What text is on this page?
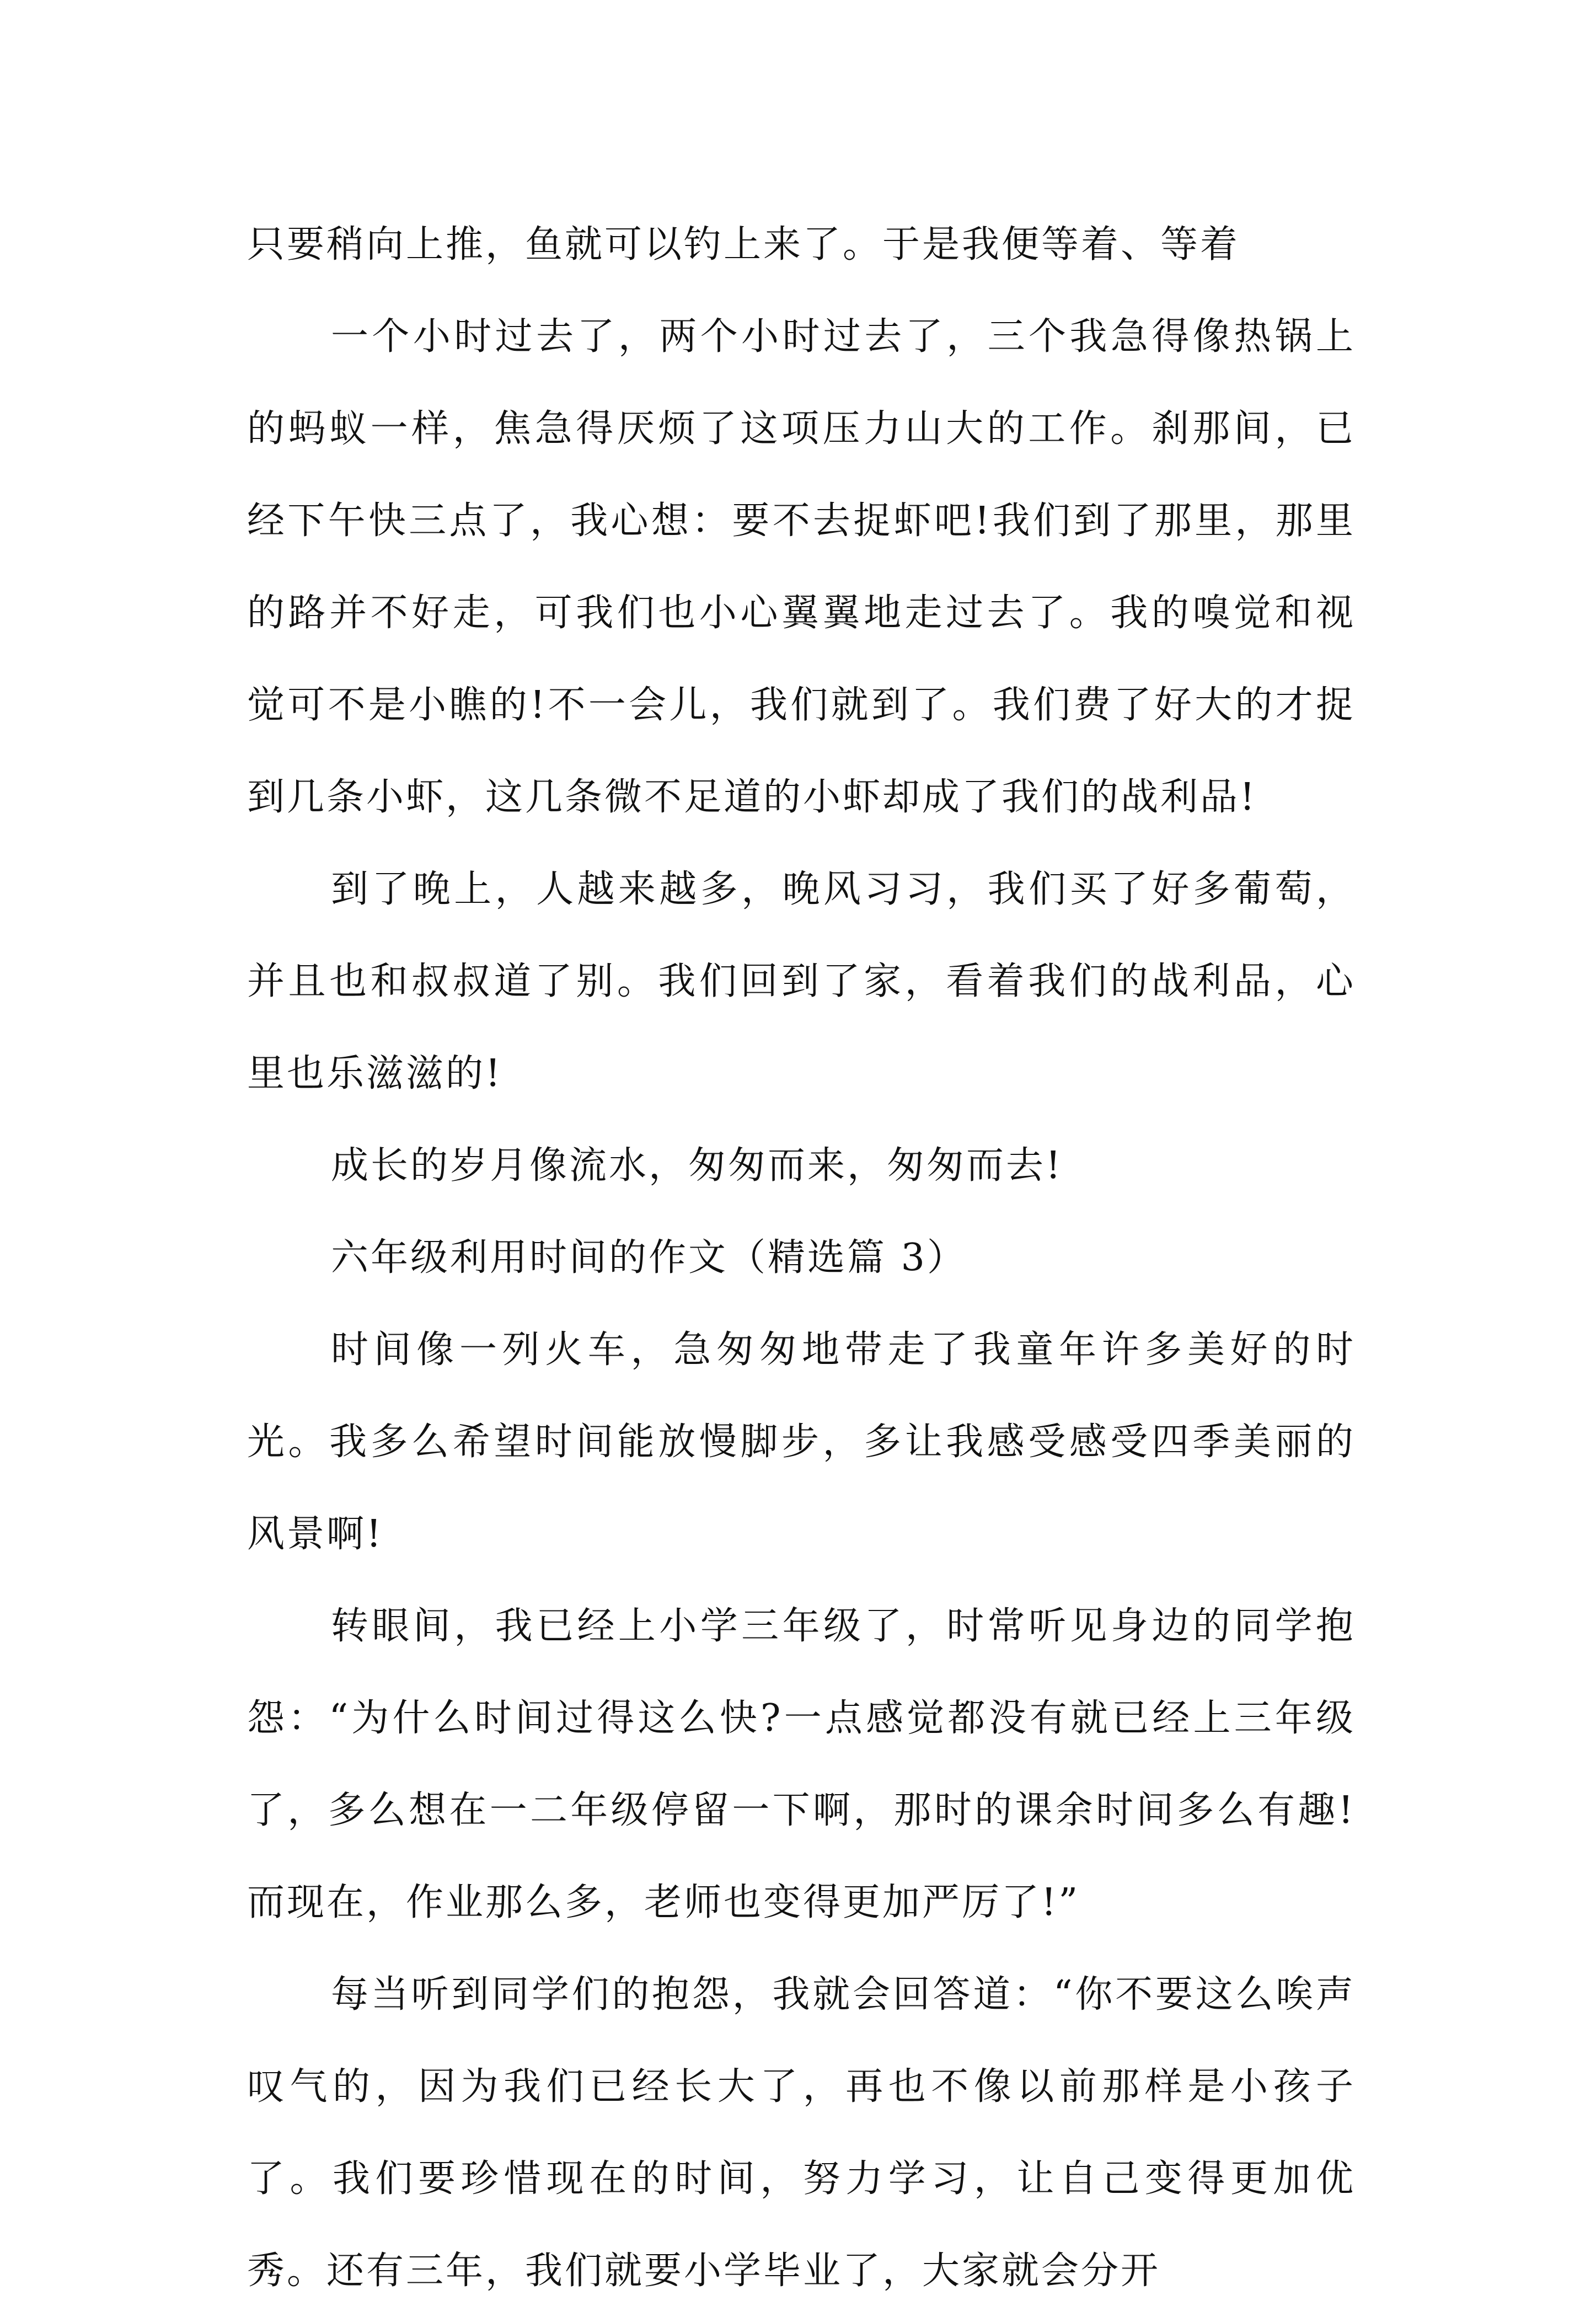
只要稍向上推，鱼就可以钓上来了。于是我便等着、等着

一个小时过去了，两个小时过去了，三个我急得像热锅上的蚂蚁一样，焦急得厌烦了这项压力山大的工作。刹那间，已经下午快三点了，我心想：要不去捉虾吧!我们到了那里，那里的路并不好走，可我们也小心翼翼地走过去了。我的嗅觉和视觉可不是小瞧的!不一会儿，我们就到了。我们费了好大的才捉到几条小虾，这几条微不足道的小虾却成了我们的战利品!

到了晚上，人越来越多，晚风习习，我们买了好多葡萄，并且也和叔叔道了别。我们回到了家，看着我们的战利品，心里也乐滋滋的!

成长的岁月像流水，匆匆而来，匆匆而去!

六年级利用时间的作文（精选篇 3）

时间像一列火车，急匆匆地带走了我童年许多美好的时光。我多么希望时间能放慢脚步，多让我感受感受四季美丽的风景啊!

转眼间，我已经上小学三年级了，时常听见身边的同学抱怨：“为什么时间过得这么快?一点感觉都没有就已经上三年级了，多么想在一二年级停留一下啊，那时的课余时间多么有趣!而现在，作业那么多，老师也变得更加严厉了!”

每当听到同学们的抱怨，我就会回答道：“你不要这么唉声叹气的，因为我们已经长大了，再也不像以前那样是小孩子了。我们要珍惜现在的时间，努力学习，让自己变得更加优秀。还有三年，我们就要小学毕业了，大家就会分开
